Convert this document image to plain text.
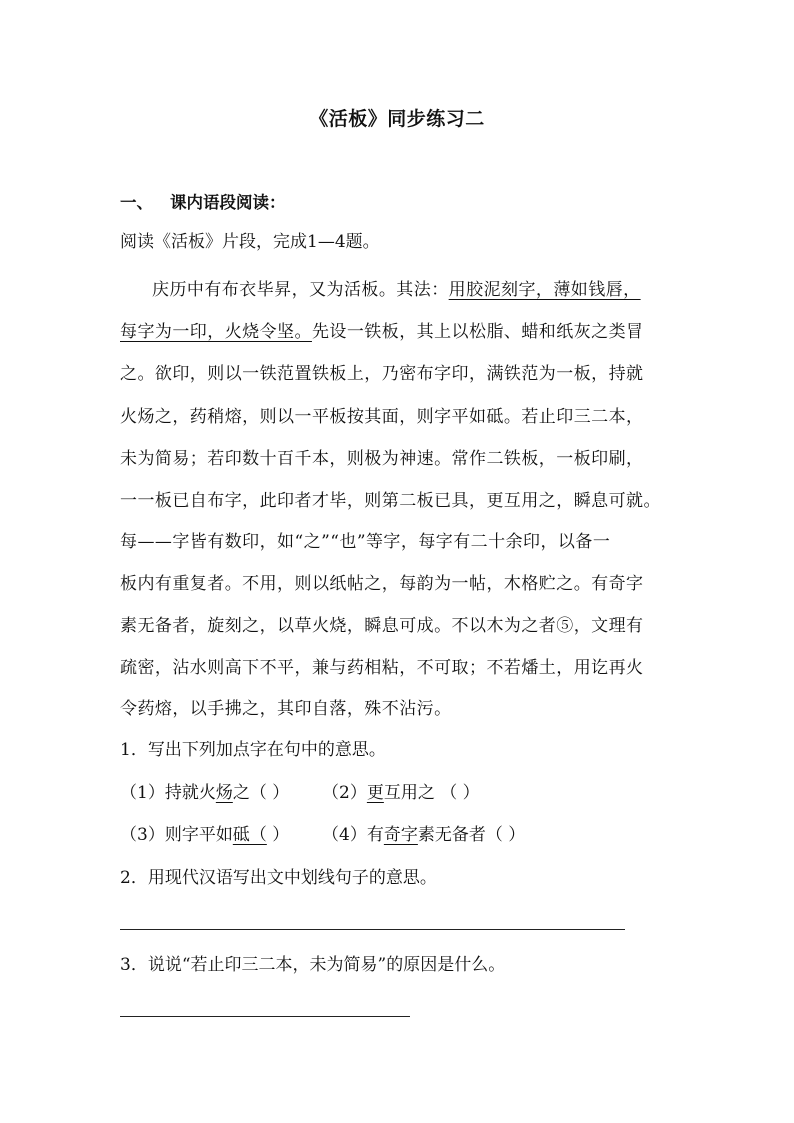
《活板》同步练习二
一、 课内语段阅读：
阅读《活板》片段，完成1—4题。
庆历中有布衣毕昇，又为活板。其法：用胶泥刻字，薄如钱唇，
每字为一印，火烧令坚。先设一铁板，其上以松脂、蜡和纸灰之类冒
之。欲印，则以一铁范置铁板上，乃密布字印，满铁范为一板，持就
火炀之，药稍熔，则以一平板按其面，则字平如砥。若止印三二本，
未为简易；若印数十百千本，则极为神速。常作二铁板，一板印刷，
一一板已自布字，此印者才毕，则第二板已具，更互用之，瞬息可就。
每——字皆有数印，如“之”“也”等字，每字有二十余印，以备一
板内有重复者。不用，则以纸帖之，每韵为一帖，木格贮之。有奇字
素无备者，旋刻之，以草火烧，瞬息可成。不以木为之者⑤，文理有
疏密，沾水则高下不平，兼与药相粘，不可取；不若燔土，用讫再火
令药熔，以手拂之，其印自落，殊不沾污。
1．写出下列加点字在句中的意思。
（1）持就火炀之（ ） （2）更互用之 （ ）
（3）则字平如砥（ ） （4）有奇字素无备者（ ）
2．用现代汉语写出文中划线句子的意思。
3．说说“若止印三二本，未为简易”的原因是什么。
